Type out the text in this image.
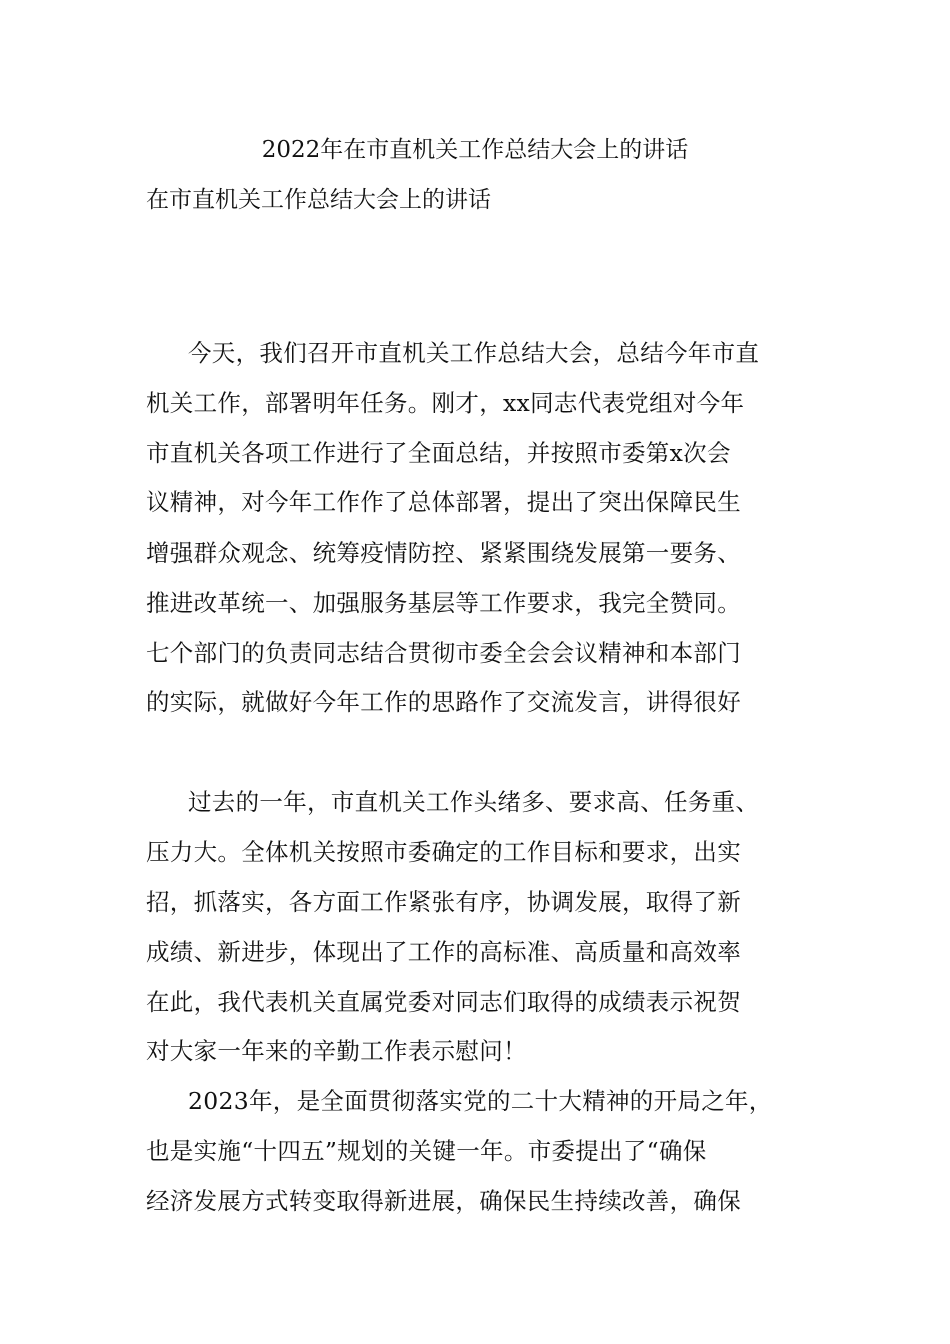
2022年在市直机关工作总结大会上的讲话
在市直机关工作总结大会上的讲话
今天，我们召开市直机关工作总结大会，总结今年市直
机关工作，部署明年任务。刚才，xx同志代表党组对今年
市直机关各项工作进行了全面总结，并按照市委第x次会
议精神，对今年工作作了总体部署，提出了突出保障民生
增强群众观念、统筹疫情防控、紧紧围绕发展第一要务、
推进改革统一、加强服务基层等工作要求，我完全赞同。
七个部门的负责同志结合贯彻市委全会会议精神和本部门
的实际，就做好今年工作的思路作了交流发言，讲得很好
过去的一年，市直机关工作头绪多、要求高、任务重、
压力大。全体机关按照市委确定的工作目标和要求，出实
招，抓落实，各方面工作紧张有序，协调发展，取得了新
成绩、新进步，体现出了工作的高标准、高质量和高效率
在此，我代表机关直属党委对同志们取得的成绩表示祝贺
对大家一年来的辛勤工作表示慰问！
2023年，是全面贯彻落实党的二十大精神的开局之年，
也是实施“十四五”规划的关键一年。市委提出了“确保
经济发展方式转变取得新进展，确保民生持续改善，确保
